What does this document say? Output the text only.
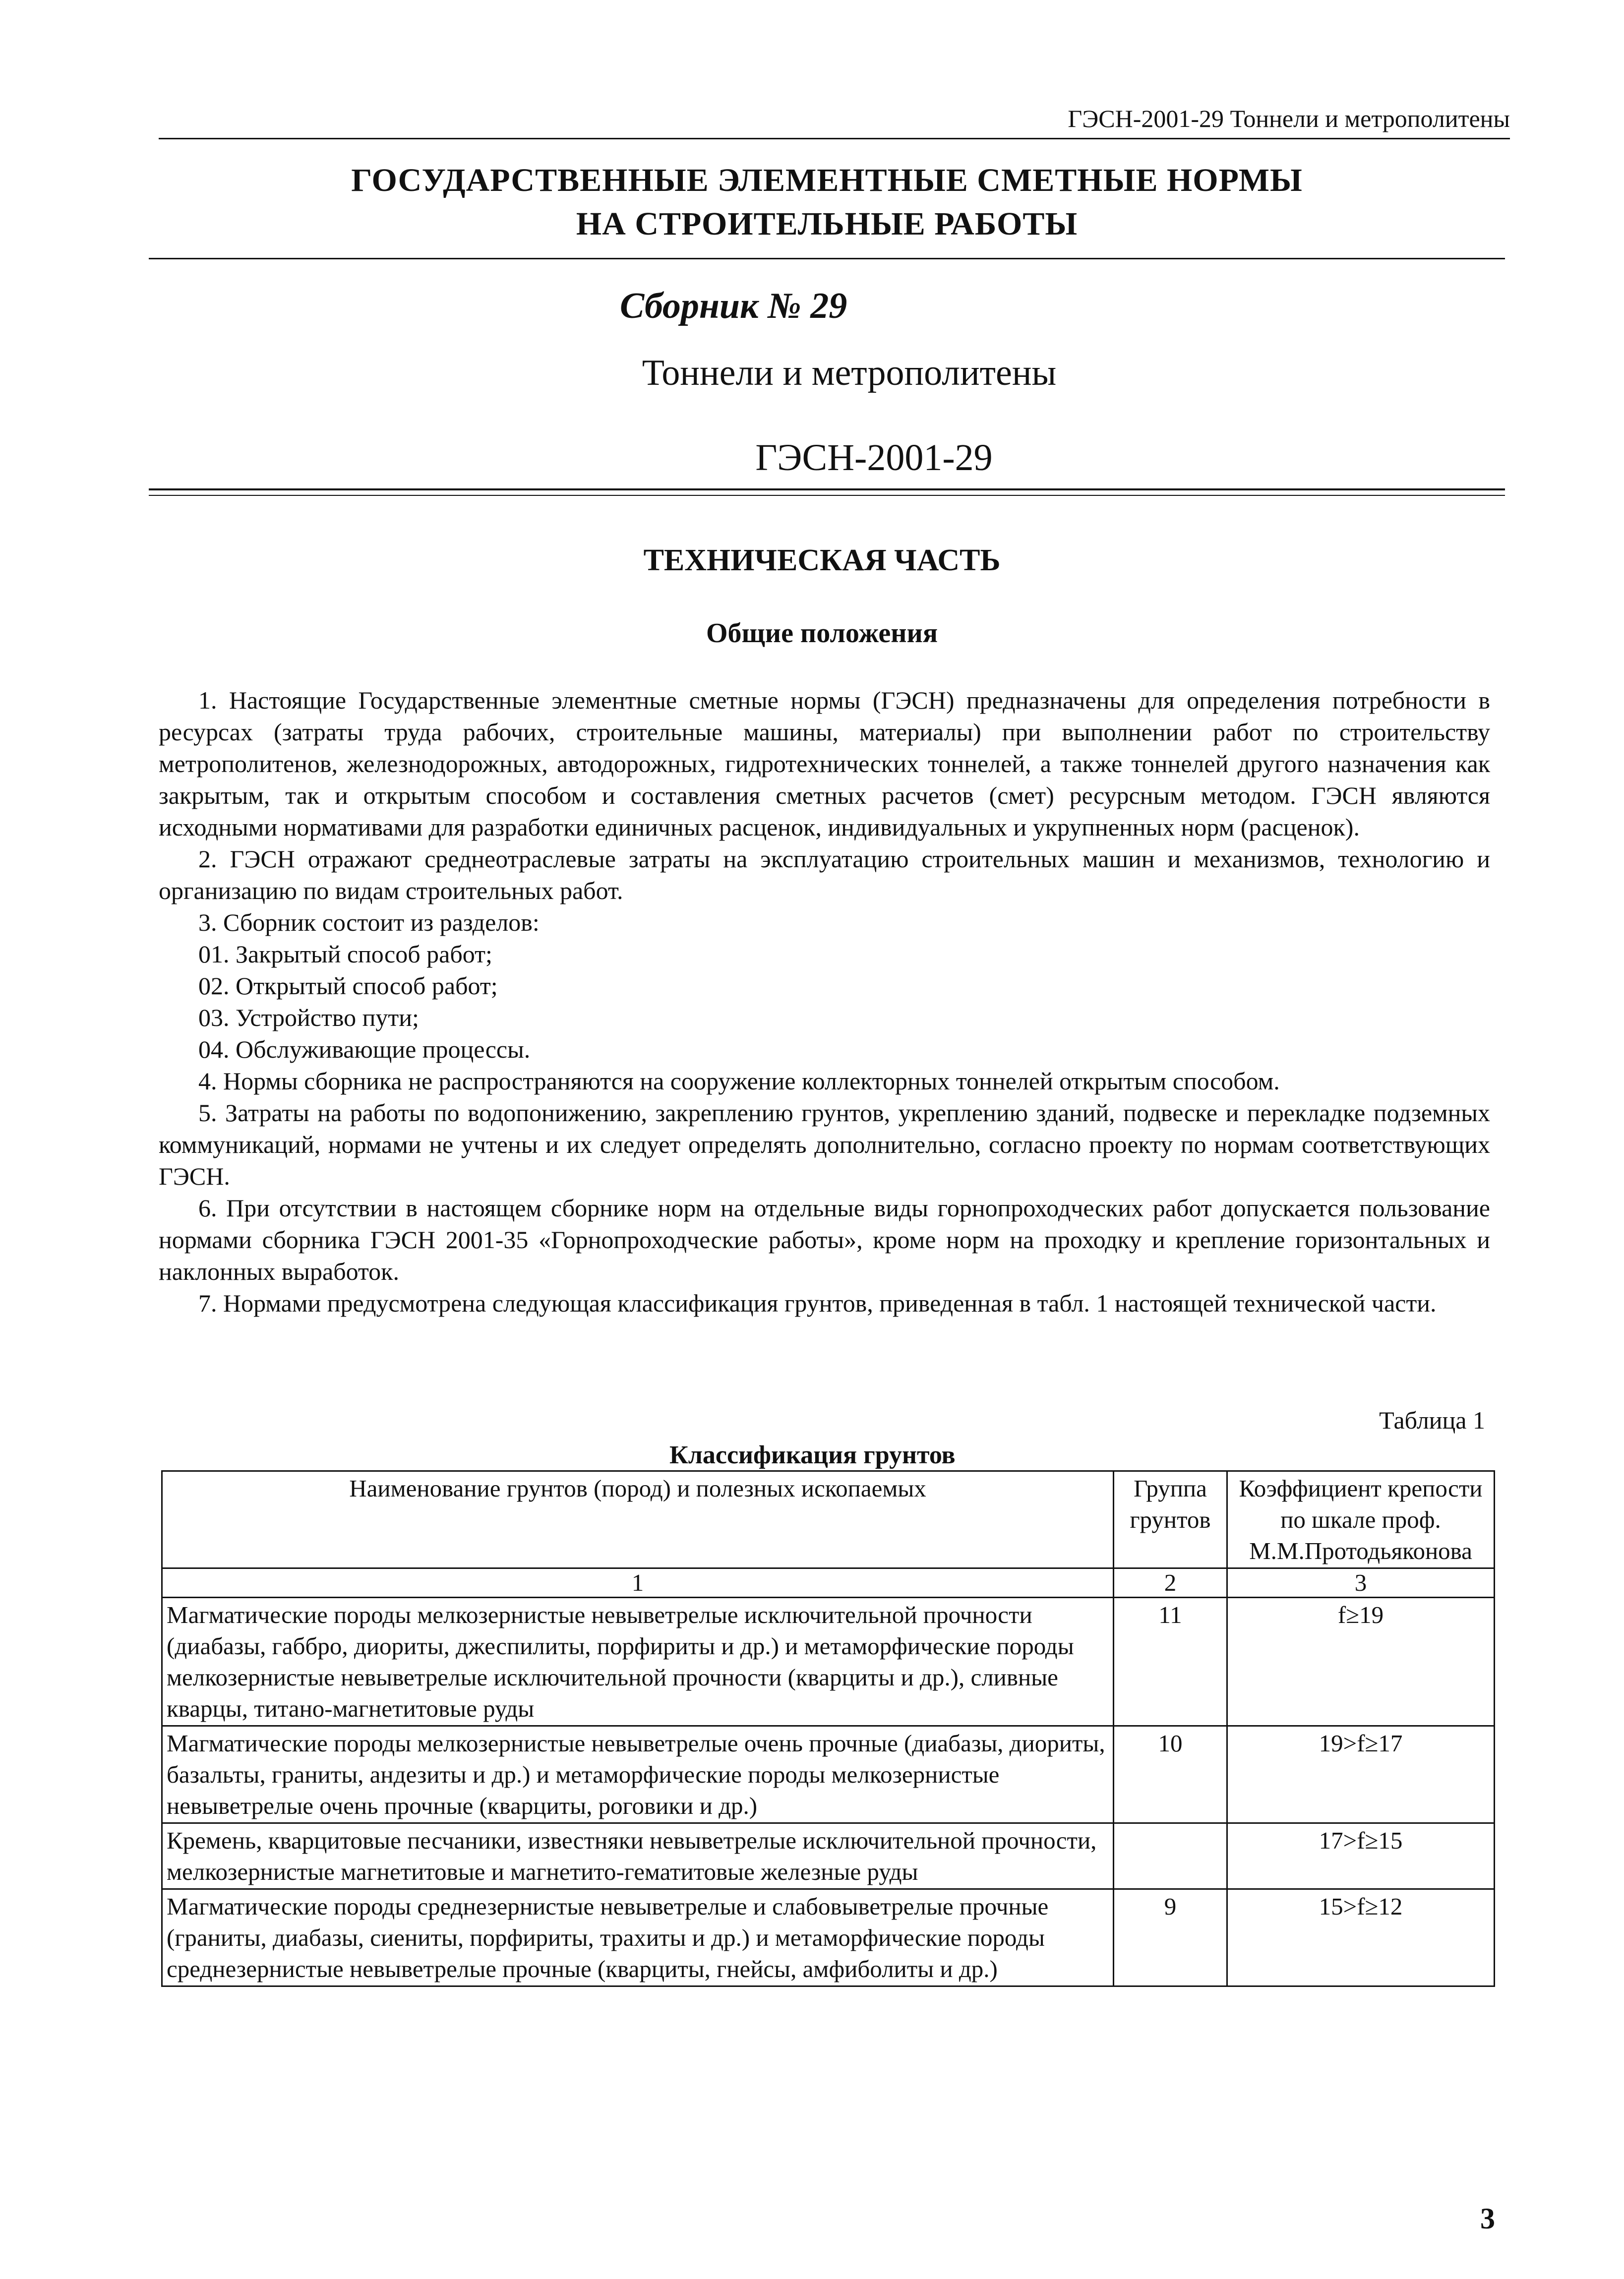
ГЭСН-2001-29 Тоннели и метрополитены
ГОСУДАРСТВЕННЫЕ ЭЛЕМЕНТНЫЕ СМЕТНЫЕ НОРМЫ
НА СТРОИТЕЛЬНЫЕ РАБОТЫ
Сборник № 29
Тоннели и метрополитены
ГЭСН-2001-29
ТЕХНИЧЕСКАЯ ЧАСТЬ
Общие положения

1. Настоящие Государственные элементные сметные нормы (ГЭСН) предназначены для определения потребности в ресурсах (затраты труда рабочих, строительные машины, материалы) при выполнении работ по строительству метрополитенов, железнодорожных, автодорожных, гидротехнических тоннелей, а также тоннелей другого назначения как закрытым, так и открытым способом и составления сметных расчетов (смет) ресурсным методом. ГЭСН являются исходными нормативами для разработки единичных расценок, индивидуальных и укрупненных норм (расценок).

2. ГЭСН отражают среднеотраслевые затраты на эксплуатацию строительных машин и механизмов, технологию и организацию по видам строительных работ.

3. Сборник состоит из разделов:

01. Закрытый способ работ;

02. Открытый способ работ;

03. Устройство пути;

04. Обслуживающие процессы.

4. Нормы сборника не распространяются на сооружение коллекторных тоннелей открытым способом.

5. Затраты на работы по водопонижению, закреплению грунтов, укреплению зданий, подвеске и перекладке подземных коммуникаций, нормами не учтены и их следует определять дополнительно, согласно проекту по нормам соответствующих ГЭСН.

6. При отсутствии в настоящем сборнике норм на отдельные виды горнопроходческих работ допускается пользование нормами сборника ГЭСН 2001-35 «Горнопроходческие работы», кроме норм на проходку и крепление горизонтальных и наклонных выработок.

7. Нормами предусмотрена следующая классификация грунтов, приведенная в табл. 1 настоящей технической части.

Таблица 1
Классификация грунтов
Наименование грунтов (пород) и полезных ископаемых	Группа грунтов	Коэффициент крепости по шкале проф. М.М.Протодьяконова
1	2	3
Магматические породы мелкозернистые невыветрелые исключительной прочности (диабазы, габбро, диориты, джеспилиты, порфириты и др.) и метаморфические породы мелкозернистые невыветрелые исключительной прочности (кварциты и др.), сливные кварцы, титано-магнетитовые руды	11	f≥19
Магматические породы мелкозернистые невыветрелые очень прочные (диабазы, диориты, базальты, граниты, андезиты и др.) и метаморфические породы мелкозернистые невыветрелые очень прочные (кварциты, роговики и др.)	10	19>f≥17
Кремень, кварцитовые песчаники, известняки невыветрелые исключительной прочности, мелкозернистые магнетитовые и магнетито-гематитовые железные руды		17>f≥15
Магматические породы среднезернистые невыветрелые и слабовыветрелые прочные (граниты, диабазы, сиениты, порфириты, трахиты и др.) и метаморфические породы среднезернистые невыветрелые прочные (кварциты, гнейсы, амфиболиты и др.)	9	15>f≥12
3
